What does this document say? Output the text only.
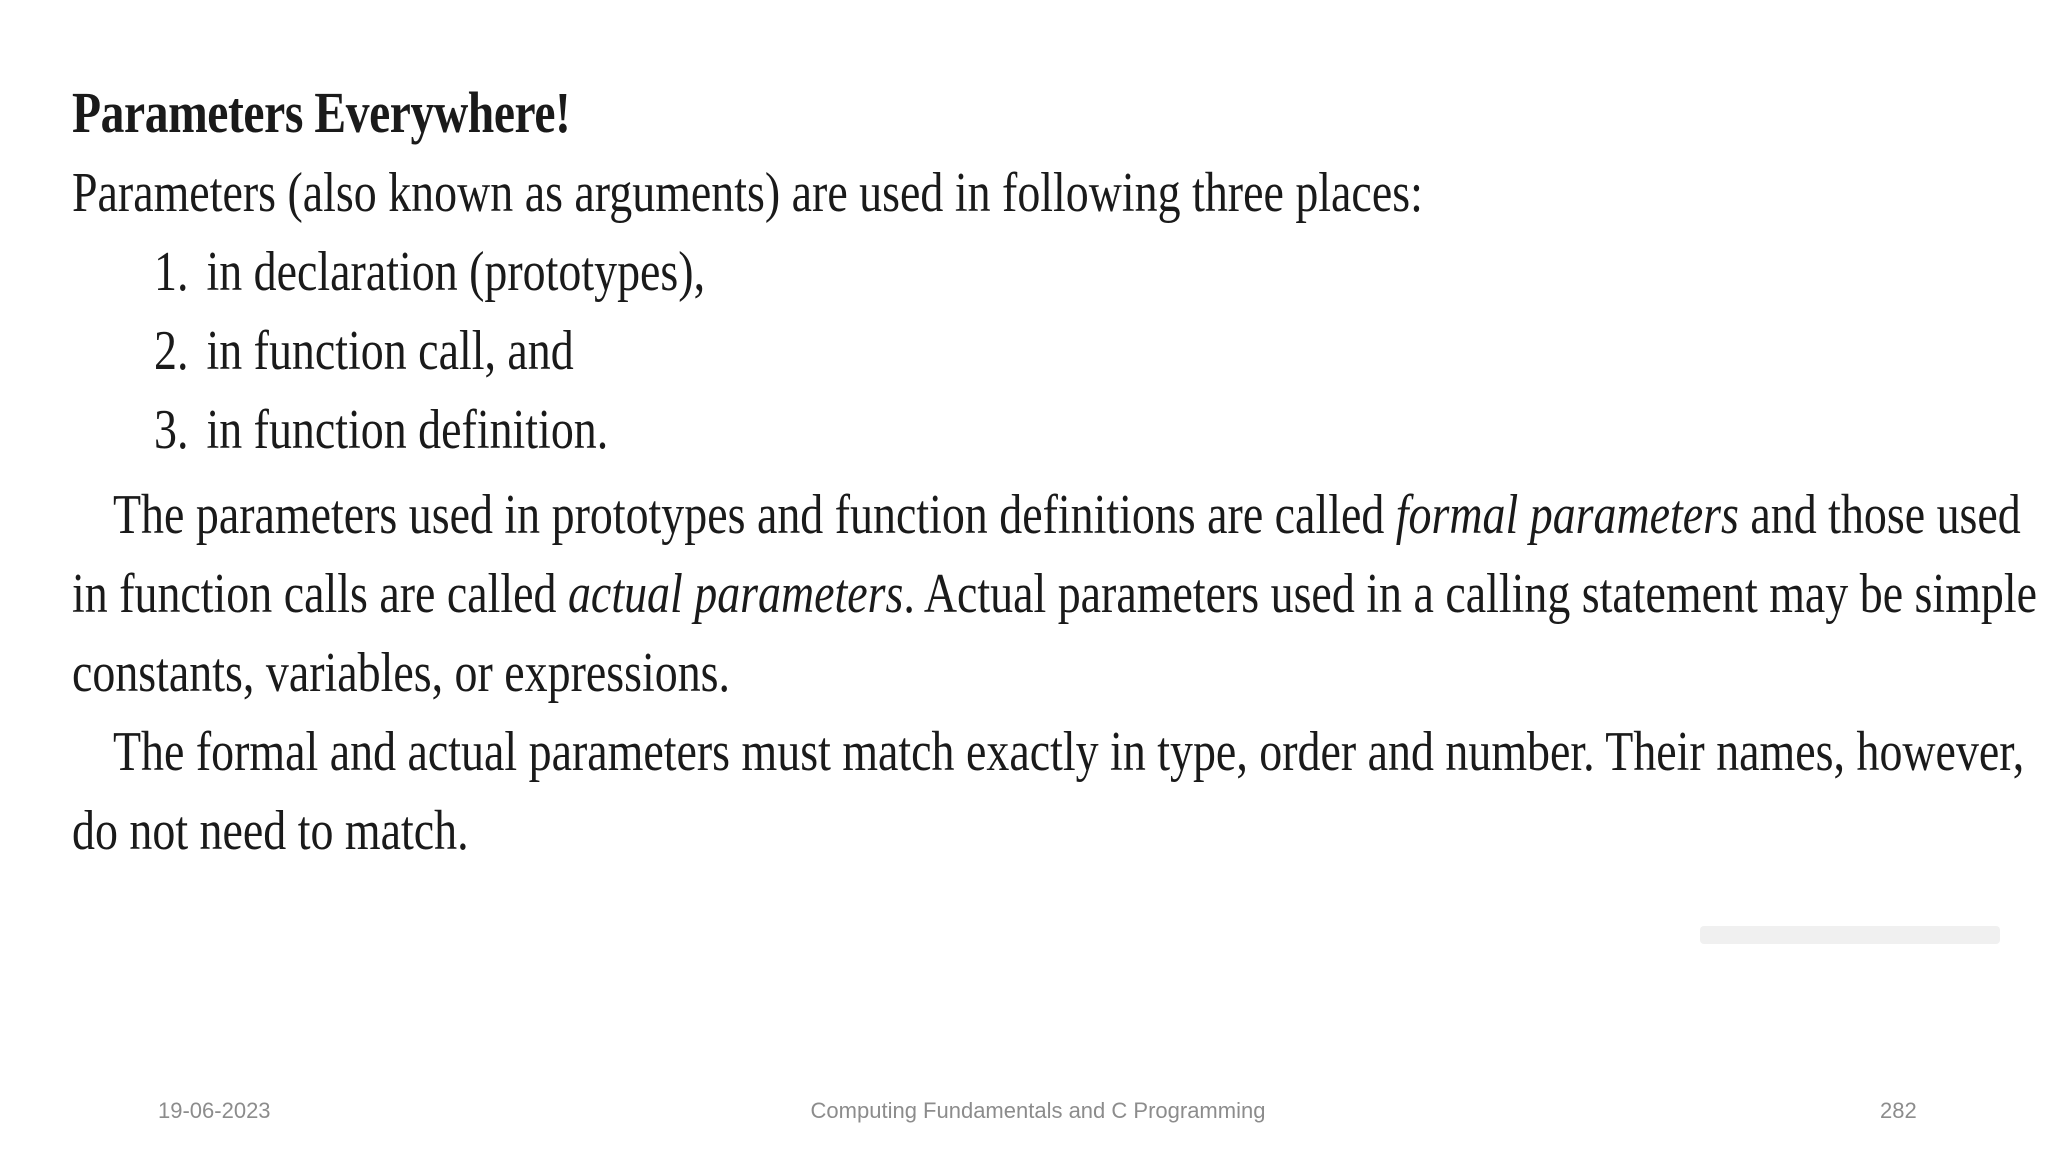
Parameters Everywhere!

Parameters (also known as arguments) are used in following three places:

1. in declaration (prototypes),
2. in function call, and
3. in function definition.

The parameters used in prototypes and function definitions are called formal parameters and those used

in function calls are called actual parameters. Actual parameters used in a calling statement may be simple

constants, variables, or expressions.

The formal and actual parameters must match exactly in type, order and number. Their names, however,

do not need to match.

19-06-2023	Computing Fundamentals and C Programming	282
